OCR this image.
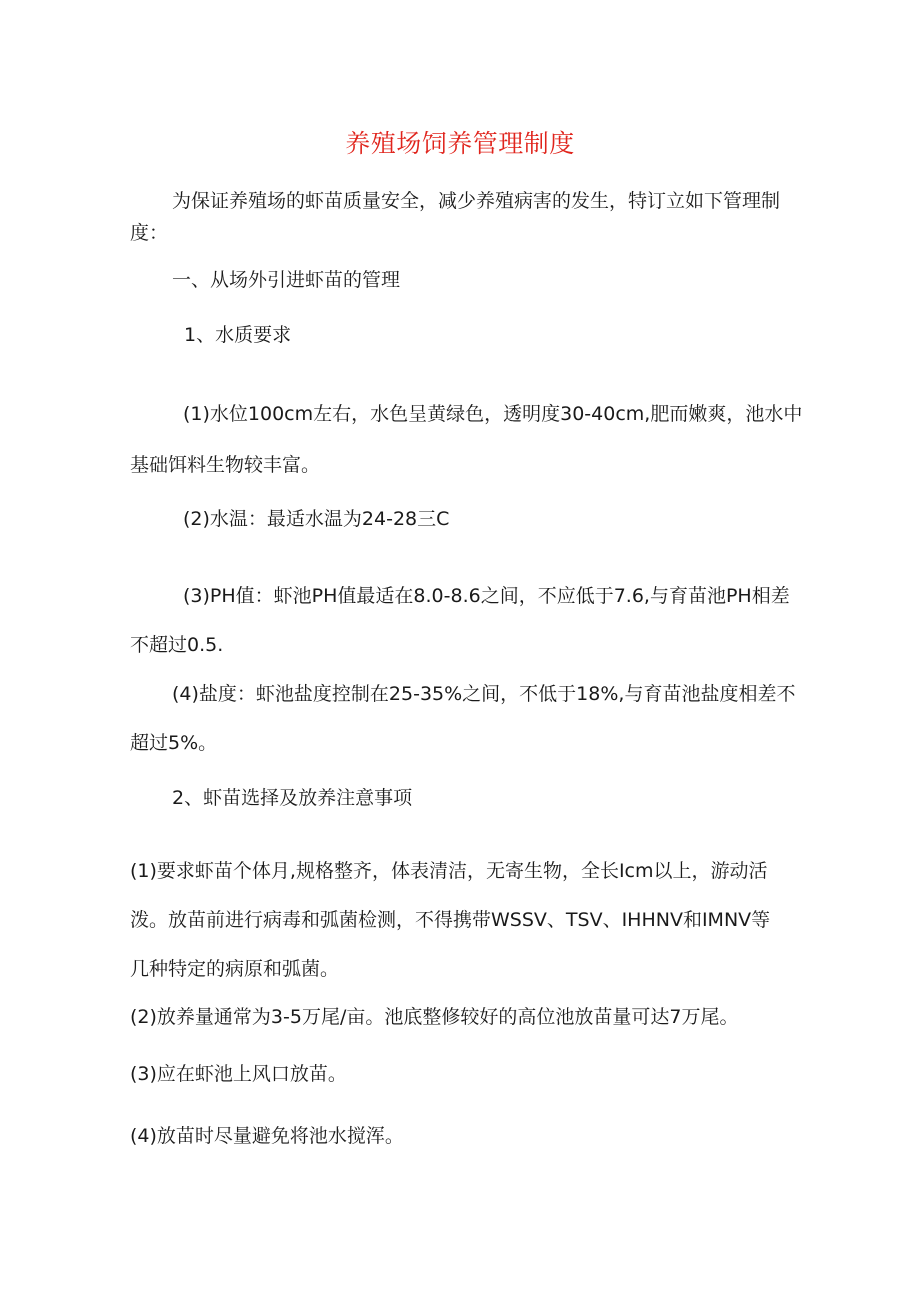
养殖场饲养管理制度
为保证养殖场的虾苗质量安全，减少养殖病害的发生，特订立如下管理制
度：
一、从场外引进虾苗的管理
1、水质要求
(1)水位100cm左右，水色呈黄绿色，透明度30-40cm,肥而嫩爽，池水中
基础饵料生物较丰富。
(2)水温：最适水温为24-28三C
(3)PH值：虾池PH值最适在8.0-8.6之间，不应低于7.6,与育苗池PH相差
不超过0.5.
(4)盐度：虾池盐度控制在25-35%之间，不低于18%,与育苗池盐度相差不
超过5%。
2、虾苗选择及放养注意事项
(1)要求虾苗个体月,规格整齐，体表清洁，无寄生物，全长Icm以上，游动活
泼。放苗前进行病毒和弧菌检测，不得携带WSSV、TSV、IHHNV和IMNV等
几种特定的病原和弧菌。
(2)放养量通常为3-5万尾/亩。池底整修较好的高位池放苗量可达7万尾。
(3)应在虾池上风口放苗。
(4)放苗时尽量避免将池水搅浑。
